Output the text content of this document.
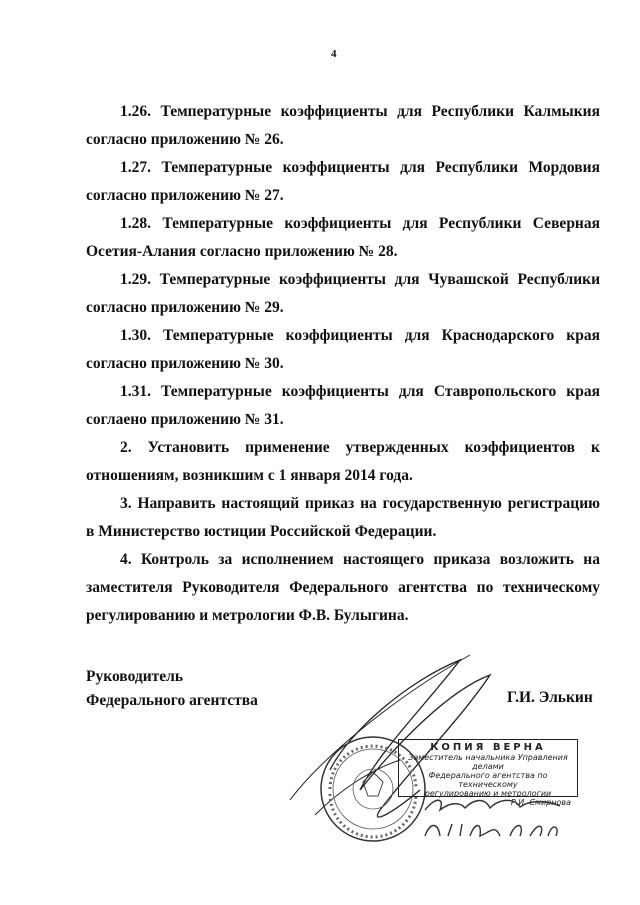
4

1.26. Температурные коэффициенты для Республики Калмыкия согласно приложению № 26.

1.27. Температурные коэффициенты для Республики Мордовия согласно приложению № 27.

1.28. Температурные коэффициенты для Республики Северная Осетия-Алания согласно приложению № 28.

1.29. Температурные коэффициенты для Чувашской Республики согласно приложению № 29.

1.30. Температурные коэффициенты для Краснодарского края согласно приложению № 30.

1.31. Температурные коэффициенты для Ставропольского края соглаено приложению № 31.

2. Установить применение утвержденных коэффициентов к отношениям, возникшим с 1 января 2014 года.

3. Направить настоящий приказ на государственную регистрацию в Министерство юстиции Российской Федерации.

4. Контроль за исполнением настоящего приказа возложить на заместителя Руководителя Федерального агентства по техническому регулированию и метрологии Ф.В. Булыгина.

Руководитель
Федерального агентства	Г.И. Элькин
КОПИЯ ВЕРНА
Заместитель начальника Управления делами
Федерального агентства по техническому
регулированию и метрологии
Р.И. Смирнова
